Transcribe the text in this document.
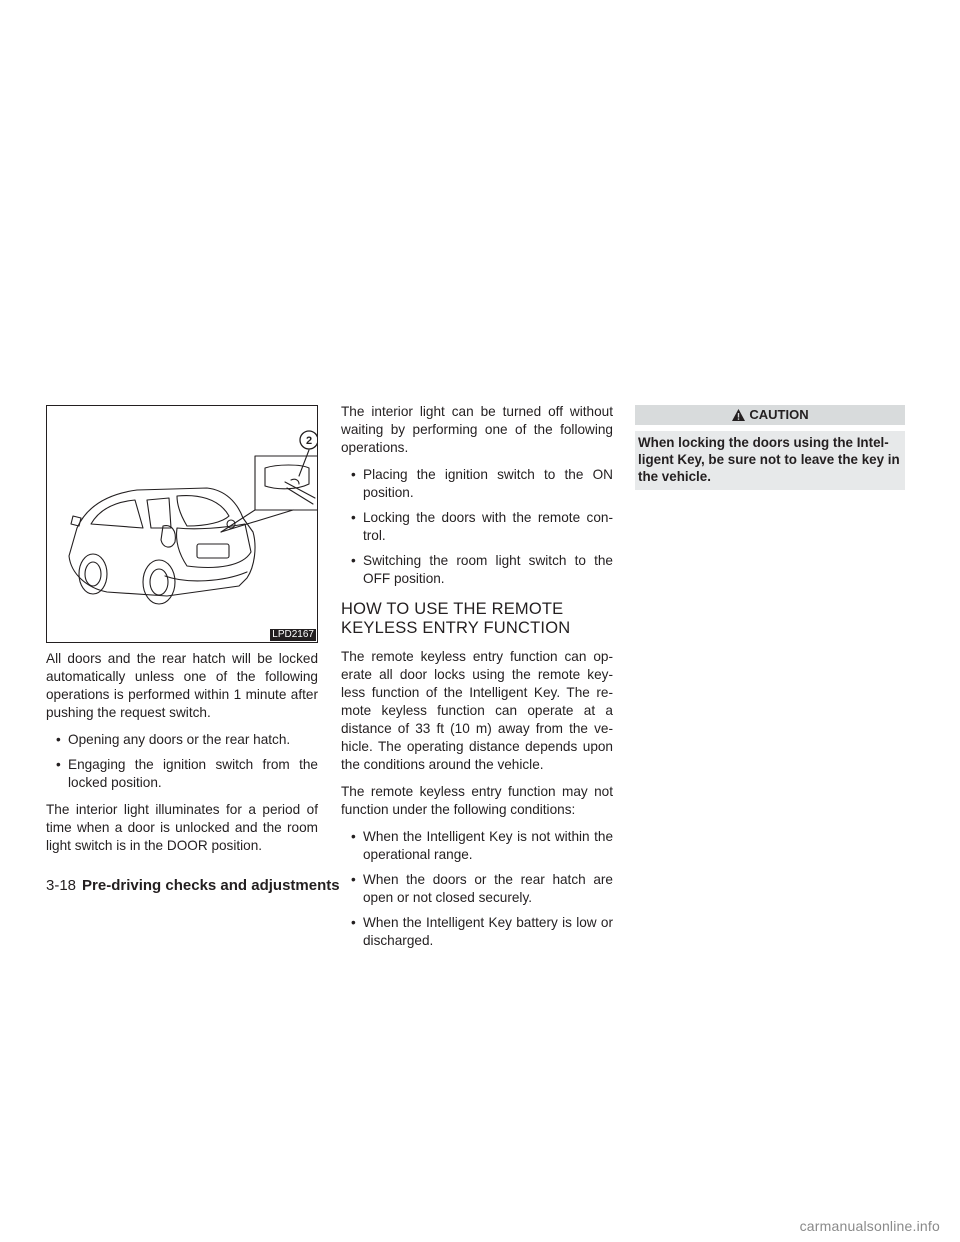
2
LPD2167

All doors and the rear hatch will be locked automatically unless one of the following operations is performed within 1 minute after pushing the request switch.

• Opening any doors or the rear hatch.
• Engaging the ignition switch from the locked position.

The interior light illuminates for a period of time when a door is unlocked and the room light switch is in the DOOR position.

The interior light can be turned off without waiting by performing one of the following operations.

• Placing the ignition switch to the ON position.
• Locking the doors with the remote con-trol.
• Switching the room light switch to the OFF position.
HOW TO USE THE REMOTE
KEYLESS ENTRY FUNCTION

The remote keyless entry function can op-erate all door locks using the remote key-less function of the Intelligent Key. The re-mote keyless function can operate at a distance of 33 ft (10 m) away from the ve-hicle. The operating distance depends upon the conditions around the vehicle.

The remote keyless entry function may not function under the following conditions:

• When the Intelligent Key is not within the operational range.
• When the doors or the rear hatch are open or not closed securely.
• When the Intelligent Key battery is low or discharged.
CAUTION
When locking the doors using the Intel-ligent Key, be sure not to leave the key in the vehicle.
3-18 Pre-driving checks and adjustments
carmanualsonline.info
